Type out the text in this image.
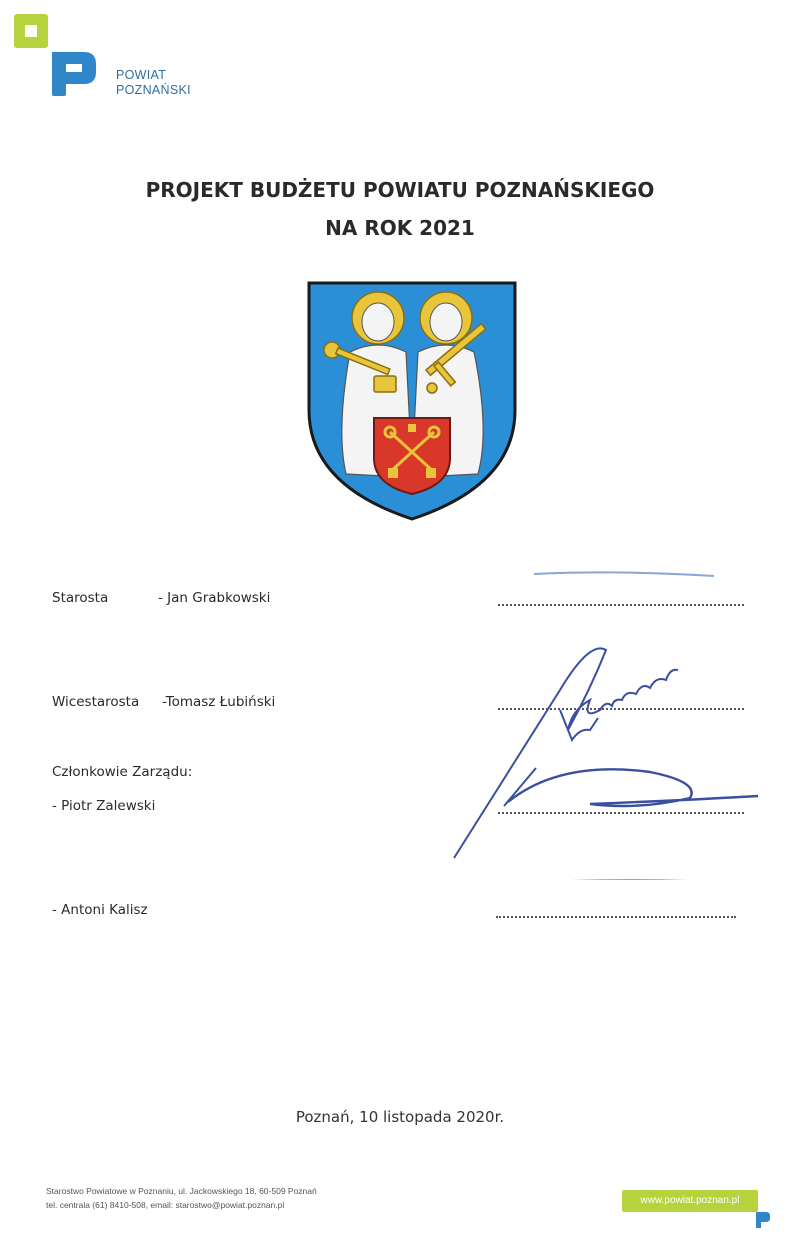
POWIAT
POZNAŃSKI
PROJEKT BUDŻETU POWIATU POZNAŃSKIEGO
NA ROK 2021
Starosta	- Jan Grabkowski
Wicestarosta -Tomasz Łubiński
Członkowie Zarządu:
- Piotr Zalewski
- Antoni Kalisz
Poznań, 10 listopada 2020r.
Starostwo Powiatowe w Poznaniu, ul. Jackowskiego 18, 60-509 Poznań
tel. centrala (61) 8410-508, email: starostwo@powiat.poznan.pl	www.powiat.poznan.pl
